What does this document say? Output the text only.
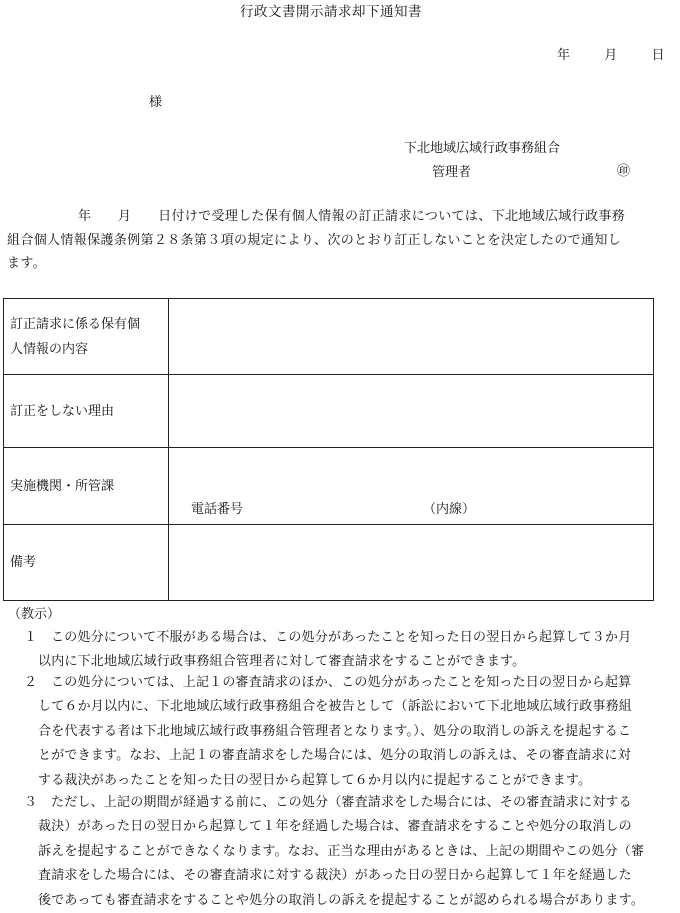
行政文書開示請求却下通知書
年	月	日
様
下北地域広域行政事務組合
管理者	㊞
年　　月　　日付けで受理した保有個人情報の訂正請求については、下北地域広域行政事務
組合個人情報保護条例第２８条第３項の規定により、次のとおり訂正しないことを決定したので通知し
ます。
訂正請求に係る保有個
人情報の内容	

訂正をしない理由	
実施機関・所管課	電話番号 （内線）

備考	
（教示）
１	この処分について不服がある場合は、この処分があったことを知った日の翌日から起算して３か月

以内に下北地域広域行政事務組合管理者に対して審査請求をすることができます。

２	この処分については、上記１の審査請求のほか、この処分があったことを知った日の翌日から起算

して６か月以内に、下北地域広域行政事務組合を被告として（訴訟において下北地域広域行政事務組

合を代表する者は下北地域広域行政事務組合管理者となります。）、処分の取消しの訴えを提起するこ

とができます。なお、上記１の審査請求をした場合には、処分の取消しの訴えは、その審査請求に対

する裁決があったことを知った日の翌日から起算して６か月以内に提起することができます。

３	ただし、上記の期間が経過する前に、この処分（審査請求をした場合には、その審査請求に対する

裁決）があった日の翌日から起算して１年を経過した場合は、審査請求をすることや処分の取消しの

訴えを提起することができなくなります。なお、正当な理由があるときは、上記の期間やこの処分（審

査請求をした場合には、その審査請求に対する裁決）があった日の翌日から起算して１年を経過した

後であっても審査請求をすることや処分の取消しの訴えを提起することが認められる場合があります。
